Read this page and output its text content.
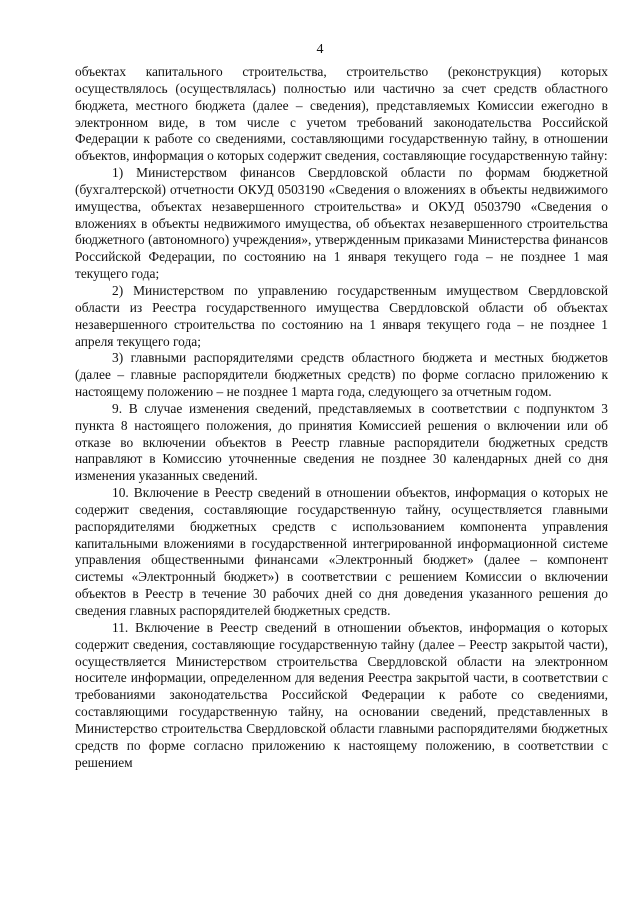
4

объектах капитального строительства, строительство (реконструкция) которых осуществлялось (осуществлялась) полностью или частично за счет средств областного бюджета, местного бюджета (далее – сведения), представляемых Комиссии ежегодно в электронном виде, в том числе с учетом требований законодательства Российской Федерации к работе со сведениями, составляющими государственную тайну, в отношении объектов, информация о которых содержит сведения, составляющие государственную тайну:

1) Министерством финансов Свердловской области по формам бюджетной (бухгалтерской) отчетности ОКУД 0503190 «Сведения о вложениях в объекты недвижимого имущества, объектах незавершенного строительства» и ОКУД 0503790 «Сведения о вложениях в объекты недвижимого имущества, об объектах незавершенного строительства бюджетного (автономного) учреждения», утвержденным приказами Министерства финансов Российской Федерации, по состоянию на 1 января текущего года – не позднее 1 мая текущего года;

2) Министерством по управлению государственным имуществом Свердловской области из Реестра государственного имущества Свердловской области об объектах незавершенного строительства по состоянию на 1 января текущего года – не позднее 1 апреля текущего года;

3) главными распорядителями средств областного бюджета и местных бюджетов (далее – главные распорядители бюджетных средств) по форме согласно приложению к настоящему положению – не позднее 1 марта года, следующего за отчетным годом.

9. В случае изменения сведений, представляемых в соответствии с подпунктом 3 пункта 8 настоящего положения, до принятия Комиссией решения о включении или об отказе во включении объектов в Реестр главные распорядители бюджетных средств направляют в Комиссию уточненные сведения не позднее 30 календарных дней со дня изменения указанных сведений.

10. Включение в Реестр сведений в отношении объектов, информация о которых не содержит сведения, составляющие государственную тайну, осуществляется главными распорядителями бюджетных средств с использованием компонента управления капитальными вложениями в государственной интегрированной информационной системе управления общественными финансами «Электронный бюджет» (далее – компонент системы «Электронный бюджет») в соответствии с решением Комиссии о включении объектов в Реестр в течение 30 рабочих дней со дня доведения указанного решения до сведения главных распорядителей бюджетных средств.

11. Включение в Реестр сведений в отношении объектов, информация о которых содержит сведения, составляющие государственную тайну (далее – Реестр закрытой части), осуществляется Министерством строительства Свердловской области на электронном носителе информации, определенном для ведения Реестра закрытой части, в соответствии с требованиями законодательства Российской Федерации к работе со сведениями, составляющими государственную тайну, на основании сведений, представленных в Министерство строительства Свердловской области главными распорядителями бюджетных средств по форме согласно приложению к настоящему положению, в соответствии с решением
